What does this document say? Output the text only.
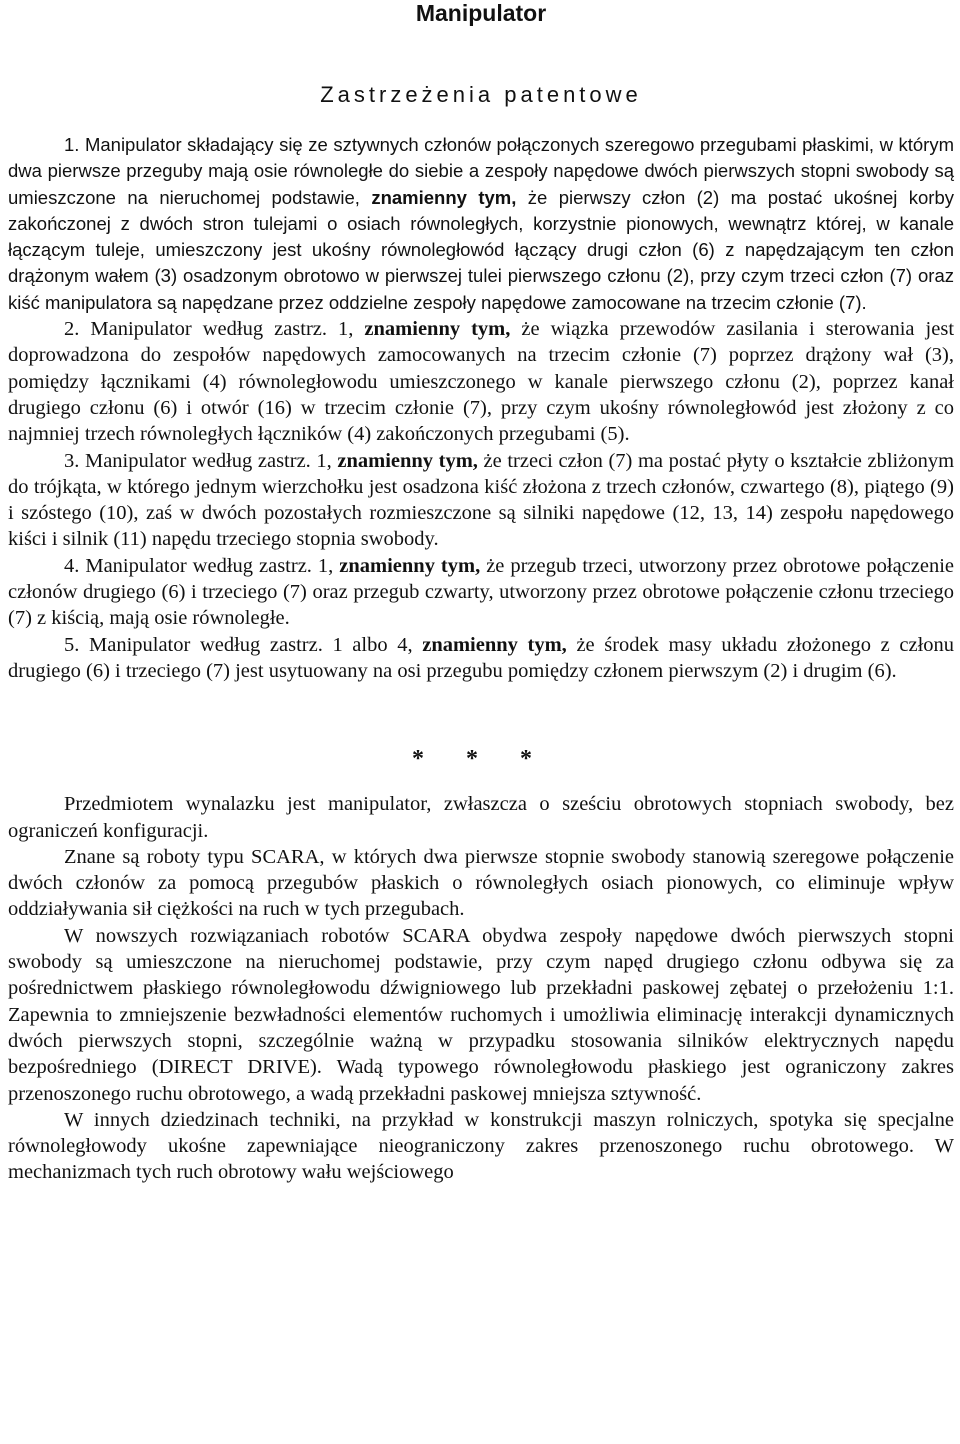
Manipulator
Zastrzeżenia patentowe

1. Manipulator składający się ze sztywnych członów połączonych szeregowo przegubami płaskimi, w którym dwa pierwsze przeguby mają osie równoległe do siebie a zespoły napędowe dwóch pierwszych stopni swobody są umieszczone na nieruchomej podstawie, znamienny tym, że pierwszy człon (2) ma postać ukośnej korby zakończonej z dwóch stron tulejami o osiach równoległych, korzystnie pionowych, wewnątrz której, w kanale łączącym tuleje, umieszczony jest ukośny równoległowód łączący drugi człon (6) z napędzającym ten człon drążonym wałem (3) osadzonym obrotowo w pierwszej tulei pierwszego członu (2), przy czym trzeci człon (7) oraz kiść manipulatora są napędzane przez oddzielne zespoły napędowe zamocowane na trzecim członie (7).

2. Manipulator według zastrz. 1, znamienny tym, że wiązka przewodów zasilania i sterowania jest doprowadzona do zespołów napędowych zamocowanych na trzecim członie (7) poprzez drążony wał (3), pomiędzy łącznikami (4) równoległowodu umieszczonego w kanale pierwszego członu (2), poprzez kanał drugiego członu (6) i otwór (16) w trzecim członie (7), przy czym ukośny równoległowód jest złożony z co najmniej trzech równoległych łączników (4) zakończonych przegubami (5).

3. Manipulator według zastrz. 1, znamienny tym, że trzeci człon (7) ma postać płyty o kształcie zbliżonym do trójkąta, w którego jednym wierzchołku jest osadzona kiść złożona z trzech członów, czwartego (8), piątego (9) i szóstego (10), zaś w dwóch pozostałych rozmieszczone są silniki napędowe (12, 13, 14) zespołu napędowego kiści i silnik (11) napędu trzeciego stopnia swobody.

4. Manipulator według zastrz. 1, znamienny tym, że przegub trzeci, utworzony przez obrotowe połączenie członów drugiego (6) i trzeciego (7) oraz przegub czwarty, utworzony przez obrotowe połączenie członu trzeciego (7) z kiścią, mają osie równoległe.

5. Manipulator według zastrz. 1 albo 4, znamienny tym, że środek masy układu złożonego z członu drugiego (6) i trzeciego (7) jest usytuowany na osi przegubu pomiędzy członem pierwszym (2) i drugim (6).

* * *

Przedmiotem wynalazku jest manipulator, zwłaszcza o sześciu obrotowych stopniach swobody, bez ograniczeń konfiguracji.

Znane są roboty typu SCARA, w których dwa pierwsze stopnie swobody stanowią szeregowe połączenie dwóch członów za pomocą przegubów płaskich o równoległych osiach pionowych, co eliminuje wpływ oddziaływania sił ciężkości na ruch w tych przegubach.

W nowszych rozwiązaniach robotów SCARA obydwa zespoły napędowe dwóch pierwszych stopni swobody są umieszczone na nieruchomej podstawie, przy czym napęd drugiego członu odbywa się za pośrednictwem płaskiego równoległowodu dźwigniowego lub przekładni paskowej zębatej o przełożeniu 1:1. Zapewnia to zmniejszenie bezwładności elementów ruchomych i umożliwia eliminację interakcji dynamicznych dwóch pierwszych stopni, szczególnie ważną w przypadku stosowania silników elektrycznych napędu bezpośredniego (DIRECT DRIVE). Wadą typowego równoległowodu płaskiego jest ograniczony zakres przenoszonego ruchu obrotowego, a wadą przekładni paskowej mniejsza sztywność.

W innych dziedzinach techniki, na przykład w konstrukcji maszyn rolniczych, spotyka się specjalne równoległowody ukośne zapewniające nieograniczony zakres przenoszonego ruchu obrotowego. W mechanizmach tych ruch obrotowy wału wejściowego
